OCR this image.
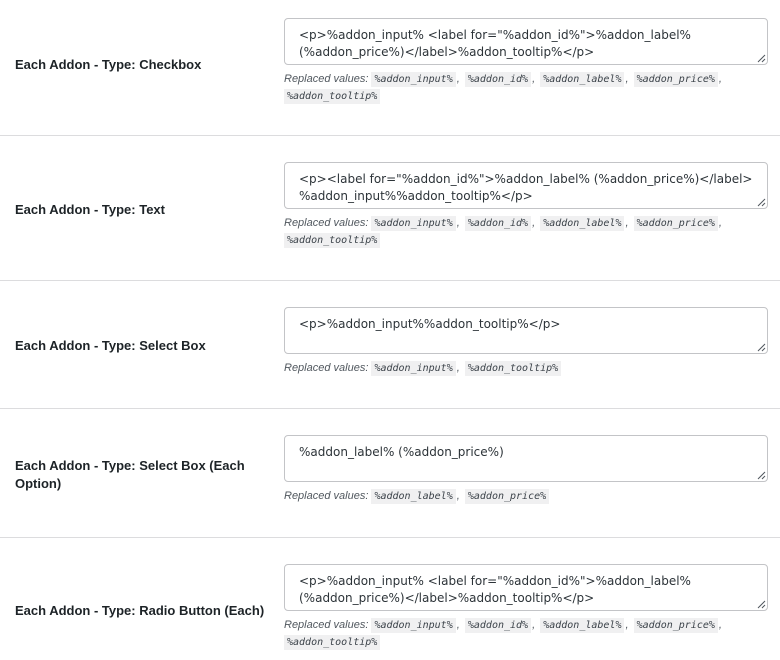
Each Addon - Type: Checkbox
<p>%addon_input% <label for="%addon_id%">%addon_label% (%addon_price%)</label>%addon_tooltip%</p>
Replaced values: %addon_input% , %addon_id% , %addon_label% , %addon_price% , %addon_tooltip%
Each Addon - Type: Text
<p><label for="%addon_id%">%addon_label% (%addon_price%)</label> %addon_input%%addon_tooltip%</p>
Replaced values: %addon_input% , %addon_id% , %addon_label% , %addon_price% , %addon_tooltip%
Each Addon - Type: Select Box
<p>%addon_input%%addon_tooltip%</p>
Replaced values: %addon_input% , %addon_tooltip%
Each Addon - Type: Select Box (Each Option)
%addon_label% (%addon_price%)
Replaced values: %addon_label% , %addon_price%
Each Addon - Type: Radio Button (Each)
<p>%addon_input% <label for="%addon_id%">%addon_label% (%addon_price%)</label>%addon_tooltip%</p>
Replaced values: %addon_input% , %addon_id% , %addon_label% , %addon_price% , %addon_tooltip%
